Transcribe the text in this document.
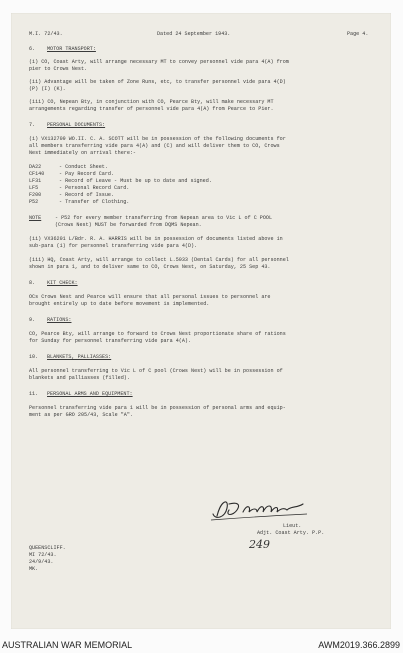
M.I. 72/43.	Dated 24 September 1943.	Page 4.
6. MOTOR TRANSPORT:
(i) CO, Coast Arty, will arrange necessary MT to convey personnel vide para 4(A) from
pier to Crows Nest.
(ii) Advantage will be taken of Zone Runs, etc, to transfer personnel vide para 4(D)
(P) (I) (K).
(iii) CO, Nepean Bty, in conjunction with CO, Pearce Bty, will make necessary MT
arrangements regarding transfer of personnel vide para 4(A) from Pearce to Pier.
7. PERSONAL DOCUMENTS:
(i) VX132709 WO.II. C. A. SCOTT will be in possession of the following documents for
all members transferring vide para 4(A) and (C) and will deliver them to CO, Crows
Nest immediately on arrival there:-
DA22	- Conduct Sheet.
CF140	- Pay Record Card.
LF31	- Record of Leave - Must be up to date and signed.
LF5	- Personal Record Card.
F200	- Record of Issue.
P52	- Transfer of Clothing.
NOTE	- P52 for every member transferring from Nepean area to Vic L of C POOL
(Crows Nest) MUST be forwarded from DQMS Nepean.
(ii) VX36201 L/Bdr. R. A. HARRIS will be in possession of documents listed above in
sub-para (i) for personnel transferring vide para 4(D).
(iii) HQ, Coast Arty, will arrange to collect L.5033 (Dental Cards) for all personnel
shown in para 1, and to deliver same to CO, Crows Nest, on Saturday, 25 Sep 43.
8. KIT CHECK:
OCs Crows Nest and Pearce will ensure that all personal issues to personnel are
brought entirely up to date before movement is implemented.
9. RATIONS:
CO, Pearce Bty, will arrange to forward to Crows Nest proportionate share of rations
for Sunday for personnel transferring vide para 4(A).
10. BLANKETS, PALLIASSES:
All personnel transferring to Vic L of C pool (Crows Nest) will be in possession of
blankets and palliasses (filled).
11. PERSONAL ARMS AND EQUIPMENT:
Personnel transferring vide para 1 will be in possession of personal arms and equip-
ment as per GRO 205/43, Scale "A".
Lieut.
Adjt. Coast Arty. P.P.
249
QUEENSCLIFF.
MI 72/43.
24/9/43.
MK.
AUSTRALIAN WAR MEMORIAL	AWM2019.366.2899
